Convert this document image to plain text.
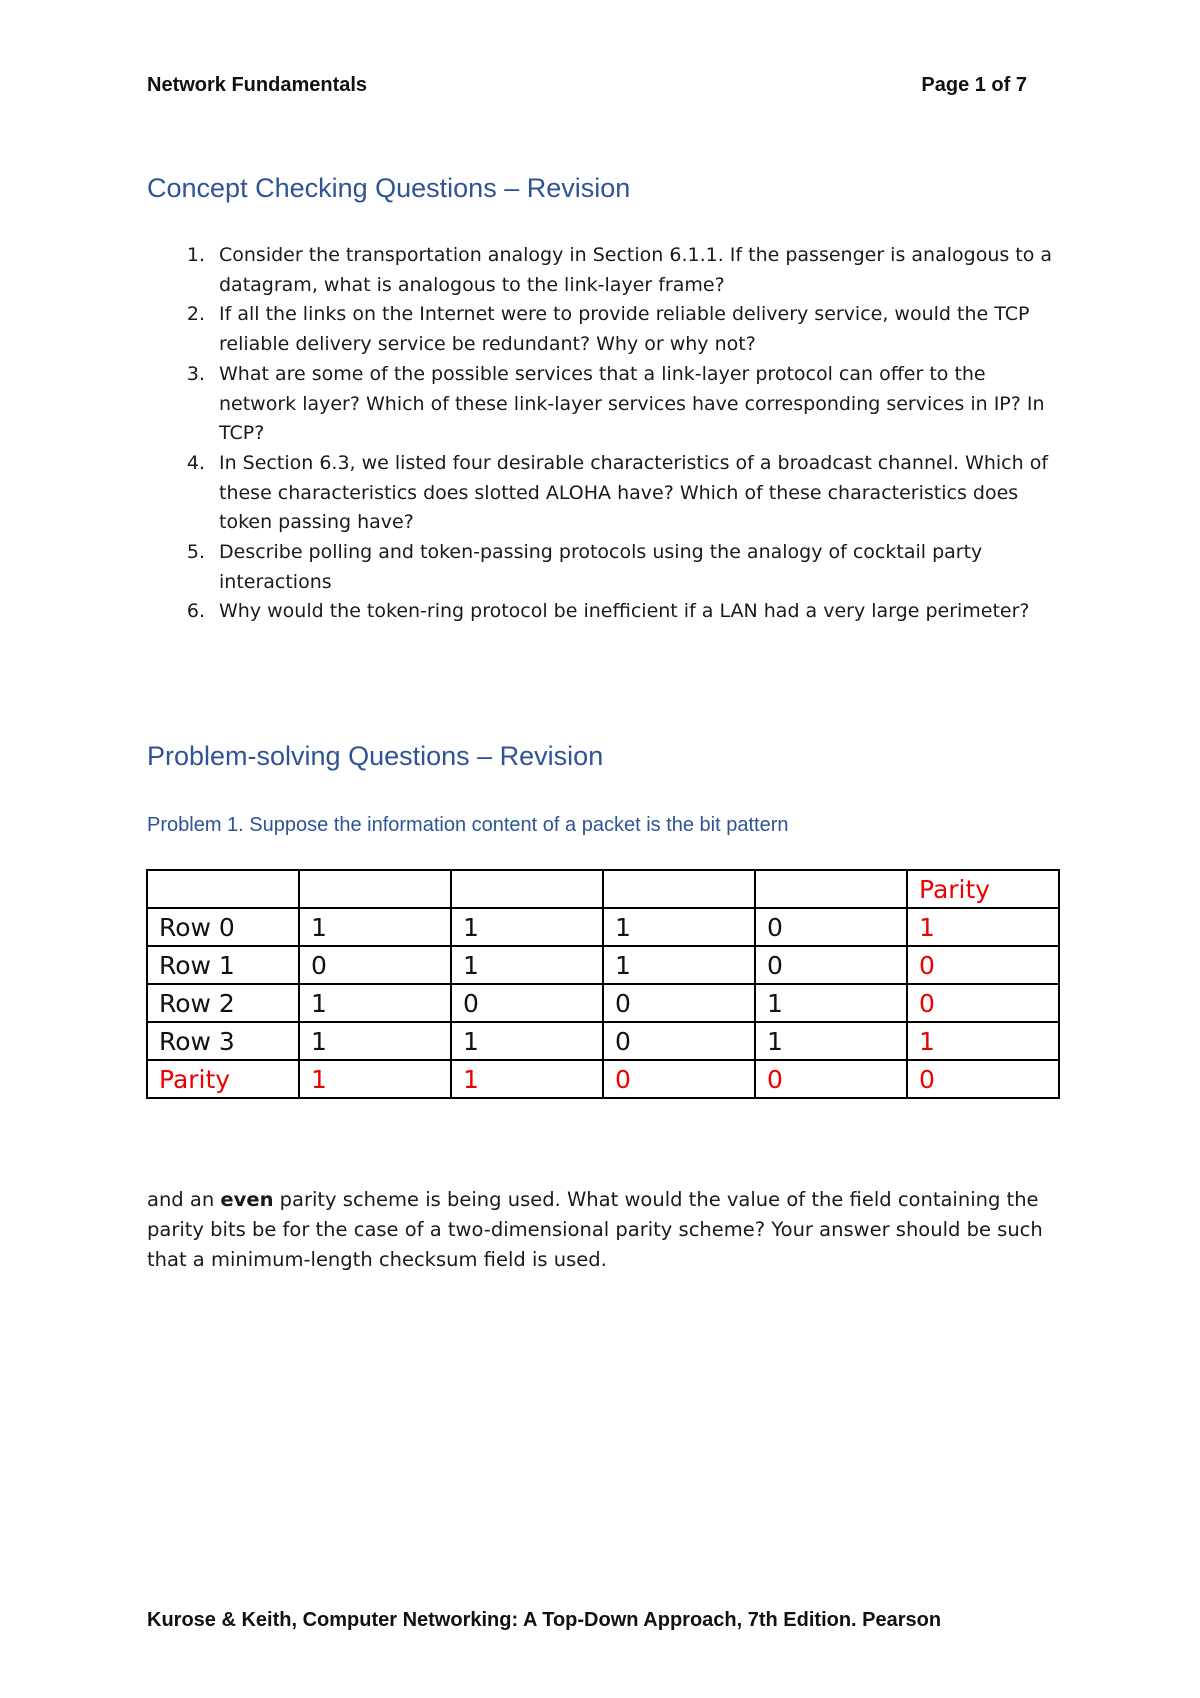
Network Fundamentals	Page 1 of 7
Concept Checking Questions – Revision
1. Consider the transportation analogy in Section 6.1.1. If the passenger is analogous to a datagram, what is analogous to the link-layer frame?
2. If all the links on the Internet were to provide reliable delivery service, would the TCP reliable delivery service be redundant? Why or why not?
3. What are some of the possible services that a link-layer protocol can offer to the network layer? Which of these link-layer services have corresponding services in IP? In TCP?
4. In Section 6.3, we listed four desirable characteristics of a broadcast channel. Which of these characteristics does slotted ALOHA have? Which of these characteristics does token passing have?
5. Describe polling and token-passing protocols using the analogy of cocktail party interactions
6. Why would the token-ring protocol be inefficient if a LAN had a very large perimeter?
Problem-solving Questions – Revision
Problem 1. Suppose the information content of a packet is the bit pattern
					Parity
Row 0	1	1	1	0	1
Row 1	0	1	1	0	0
Row 2	1	0	0	1	0
Row 3	1	1	0	1	1
Parity	1	1	0	0	0

and an even parity scheme is being used. What would the value of the field containing the parity bits be for the case of a two-dimensional parity scheme? Your answer should be such that a minimum-length checksum field is used.

Kurose & Keith, Computer Networking: A Top-Down Approach, 7th Edition. Pearson
